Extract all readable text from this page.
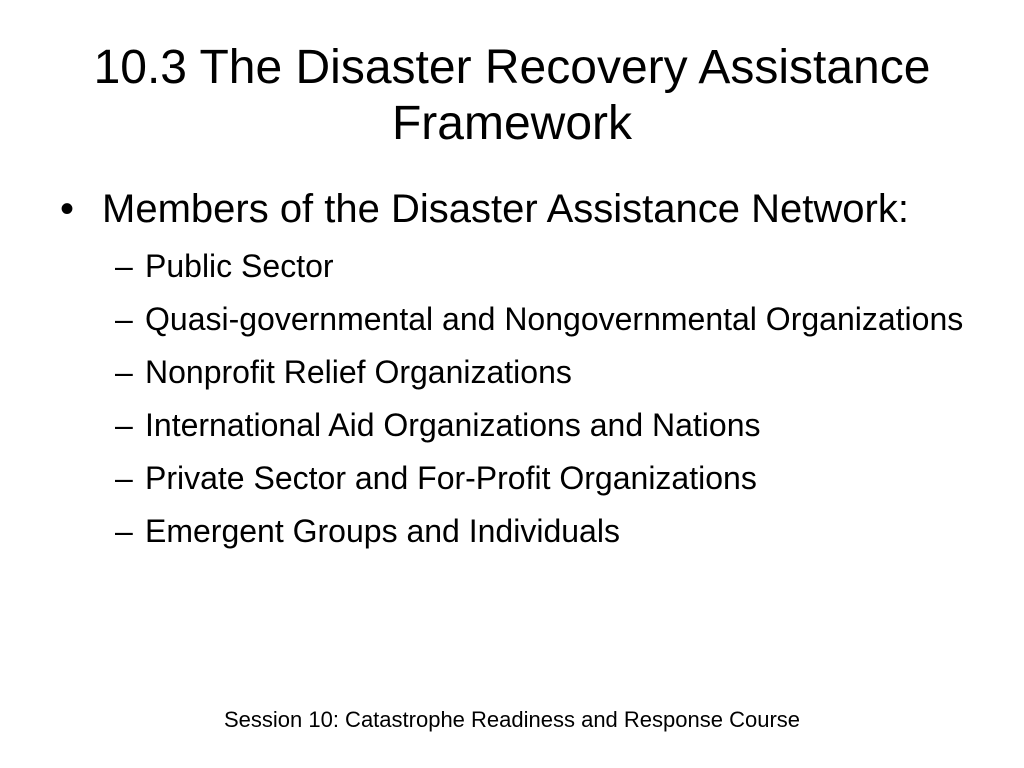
10.3 The Disaster Recovery Assistance Framework
• Members of the Disaster Assistance Network:
– Public Sector
– Quasi-governmental and Nongovernmental Organizations
– Nonprofit Relief Organizations
– International Aid Organizations and Nations
– Private Sector and For-Profit Organizations
– Emergent Groups and Individuals
Session 10: Catastrophe Readiness and Response Course
